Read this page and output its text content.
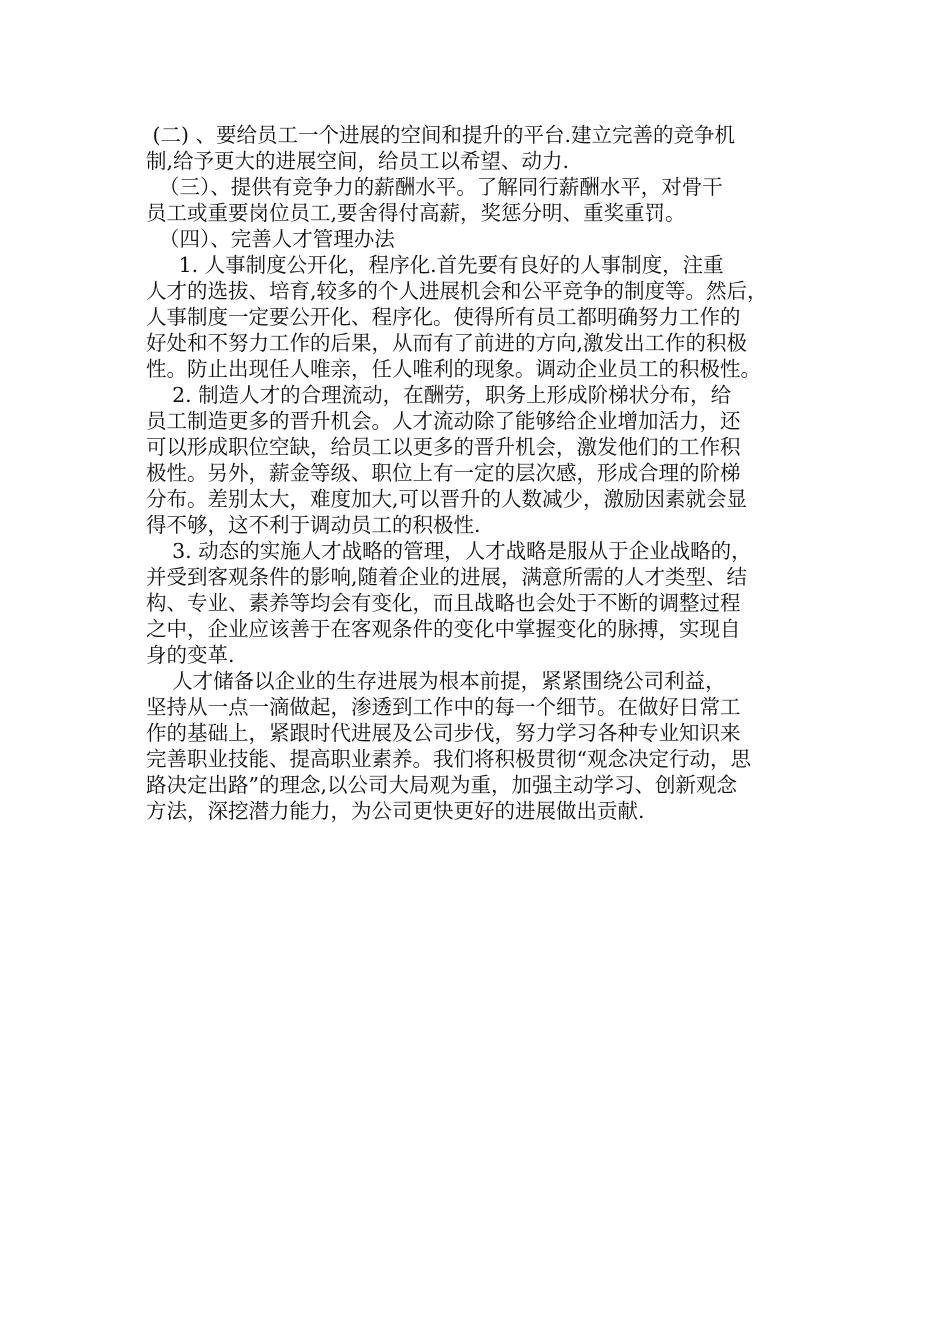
(二) 、要给员工一个进展的空间和提升的平台.建立完善的竞争机
制,给予更大的进展空间，给员工以希望、动力.
（三）、提供有竞争力的薪酬水平。了解同行薪酬水平，对骨干
员工或重要岗位员工,要舍得付高薪，奖惩分明、重奖重罚。
（四）、完善人才管理办法
1. 人事制度公开化，程序化.首先要有良好的人事制度，注重
人才的选拔、培育,较多的个人进展机会和公平竞争的制度等。然后，
人事制度一定要公开化、程序化。使得所有员工都明确努力工作的
好处和不努力工作的后果，从而有了前进的方向,激发出工作的积极
性。防止出现任人唯亲，任人唯利的现象。调动企业员工的积极性。
2. 制造人才的合理流动，在酬劳，职务上形成阶梯状分布，给
员工制造更多的晋升机会。人才流动除了能够给企业增加活力，还
可以形成职位空缺，给员工以更多的晋升机会，激发他们的工作积
极性。另外，薪金等级、职位上有一定的层次感，形成合理的阶梯
分布。差别太大，难度加大,可以晋升的人数减少，激励因素就会显
得不够，这不利于调动员工的积极性.
3. 动态的实施人才战略的管理，人才战略是服从于企业战略的，
并受到客观条件的影响,随着企业的进展，满意所需的人才类型、结
构、专业、素养等均会有变化，而且战略也会处于不断的调整过程
之中，企业应该善于在客观条件的变化中掌握变化的脉搏，实现自
身的变革.
人才储备以企业的生存进展为根本前提，紧紧围绕公司利益，
坚持从一点一滴做起，渗透到工作中的每一个细节。在做好日常工
作的基础上，紧跟时代进展及公司步伐，努力学习各种专业知识来
完善职业技能、提高职业素养。我们将积极贯彻“观念决定行动，思
路决定出路”的理念,以公司大局观为重，加强主动学习、创新观念
方法，深挖潜力能力，为公司更快更好的进展做出贡献.
